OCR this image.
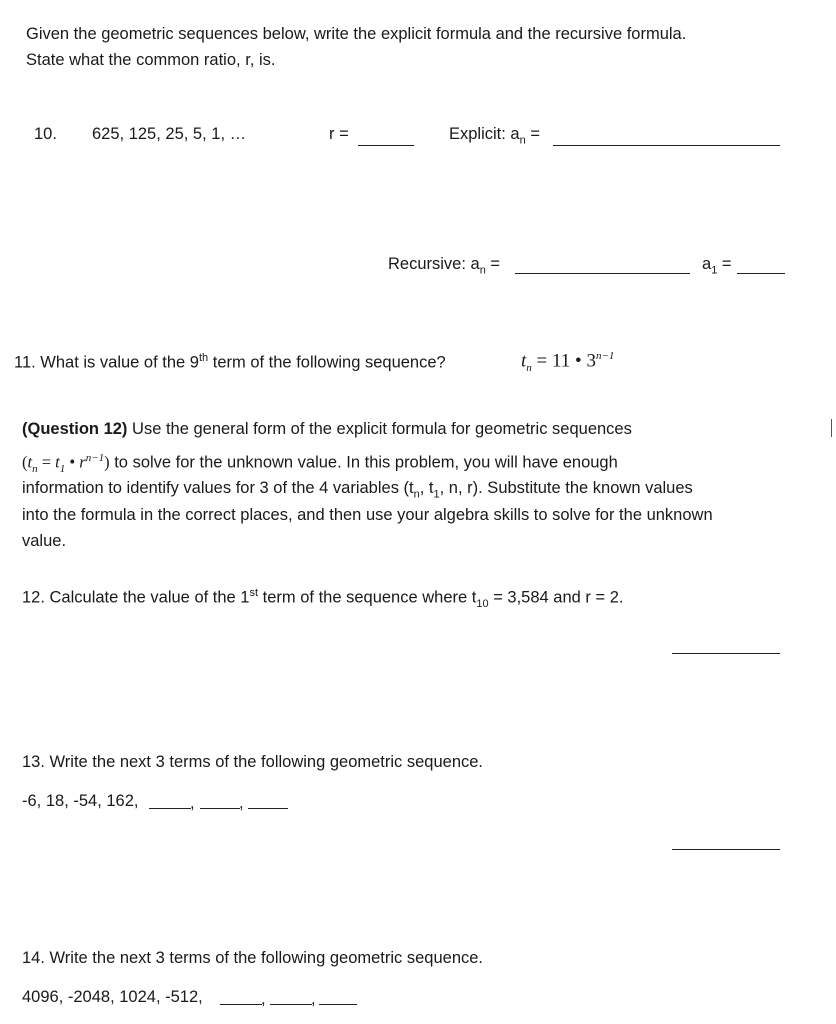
Given the geometric sequences below, write the explicit formula and the recursive formula.
State what the common ratio, r, is.
10. 625, 125, 25, 5, 1, …	r =	Explicit: $a_n$ =
Recursive: $a_n$ =	$a_1$ =
11. What is value of the 9th term of the following sequence?	$t_n = 11$ • $3^{n-1}$
(Question 12) Use the general form of the explicit formula for geometric sequences
($t_n = t_1$ • $r^{n-1}$) to solve for the unknown value. In this problem, you will have enough
information to identify values for 3 of the 4 variables ($t_n$, $t_1$, n, r). Substitute the known values
into the formula in the correct places, and then use your algebra skills to solve for the unknown
value.
12. Calculate the value of the 1st term of the sequence where $t_{10} = 3,584$ and r = 2.
13. Write the next 3 terms of the following geometric sequence.
-6, 18, -54, 162,	,	,
14. Write the next 3 terms of the following geometric sequence.
4096, -2048, 1024, -512,	,	,
